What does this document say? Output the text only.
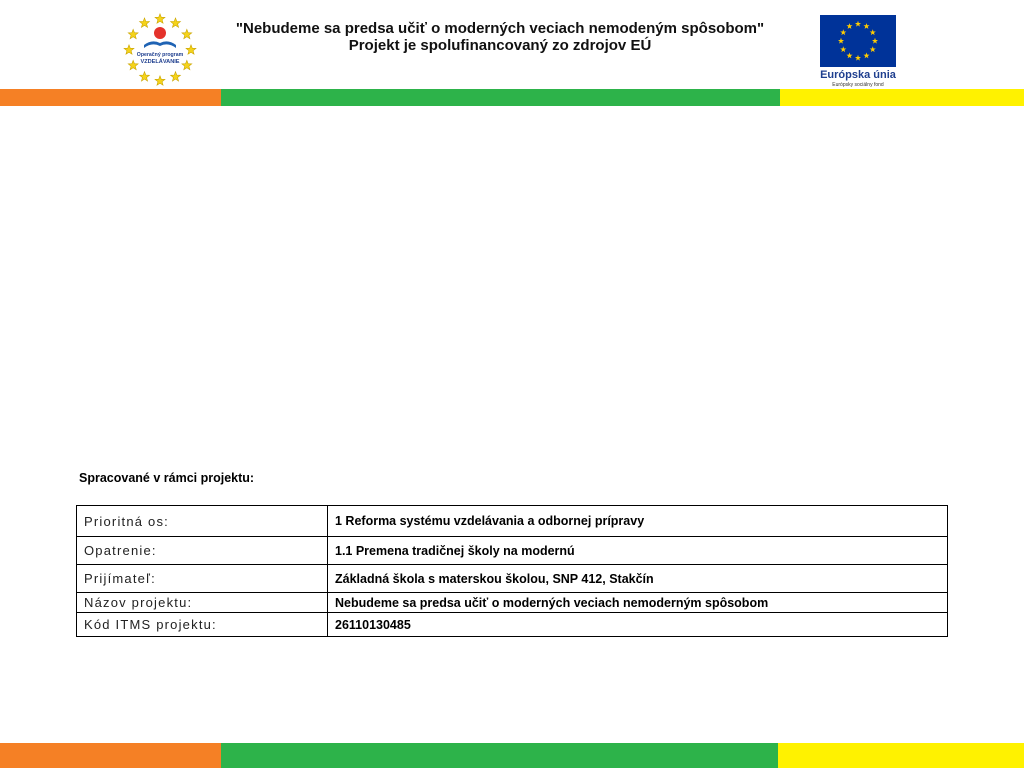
Operačný program
VZDELÁVANIE
"Nebudeme sa predsa učiť o moderných veciach nemodeným spôsobom"
Projekt je spolufinancovaný zo zdrojov EÚ
Európska únia
Európsky sociálny fond
Spracované v rámci projektu:
Prioritná os:	1 Reforma systému vzdelávania a odbornej prípravy
Opatrenie:	1.1 Premena tradičnej školy na modernú
Prijímateľ:	Základná škola s materskou školou, SNP 412, Stakčín
Názov projektu:	Nebudeme sa predsa učiť o moderných veciach nemoderným spôsobom
Kód ITMS projektu:	26110130485
